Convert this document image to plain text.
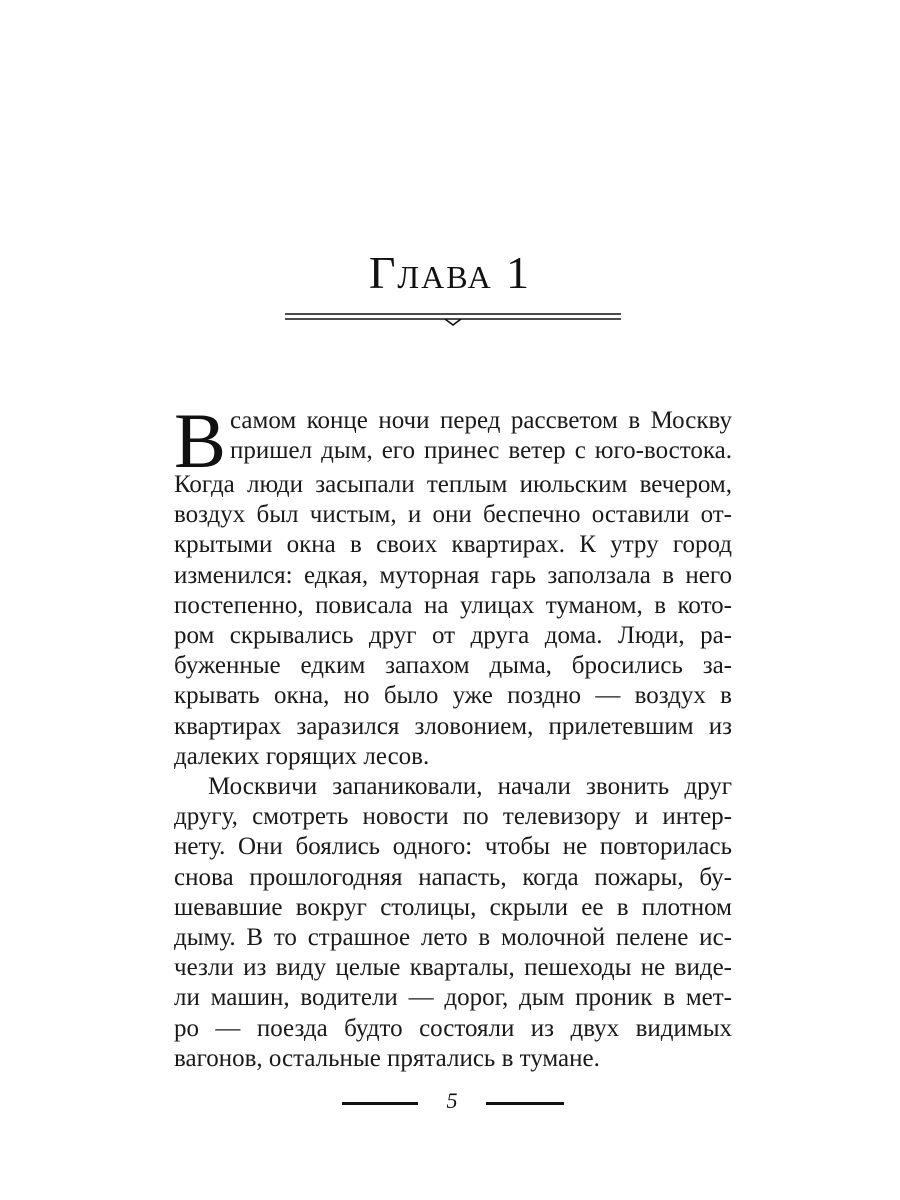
Глава 1
В самом конце ночи перед рассветом в Москву
пришел дым, его принес ветер с юго-востока.
Когда люди засыпали теплым июльским вечером,
воздух был чистым, и они беспечно оставили от-
крытыми окна в своих квартирах. К утру город
изменился: едкая, муторная гарь заползала в него
постепенно, повисала на улицах туманом, в кото-
ром скрывались друг от друга дома. Люди, ра-
буженные едким запахом дыма, бросились за-
крывать окна, но было уже поздно — воздух в
квартирах заразился зловонием, прилетевшим из
далеких горящих лесов.
Москвичи запаниковали, начали звонить друг
другу, смотреть новости по телевизору и интер-
нету. Они боялись одного: чтобы не повторилась
снова прошлогодняя напасть, когда пожары, бу-
шевавшие вокруг столицы, скрыли ее в плотном
дыму. В то страшное лето в молочной пелене ис-
чезли из виду целые кварталы, пешеходы не виде-
ли машин, водители — дорог, дым проник в мет-
ро — поезда будто состояли из двух видимых
вагонов, остальные прятались в тумане.
5
